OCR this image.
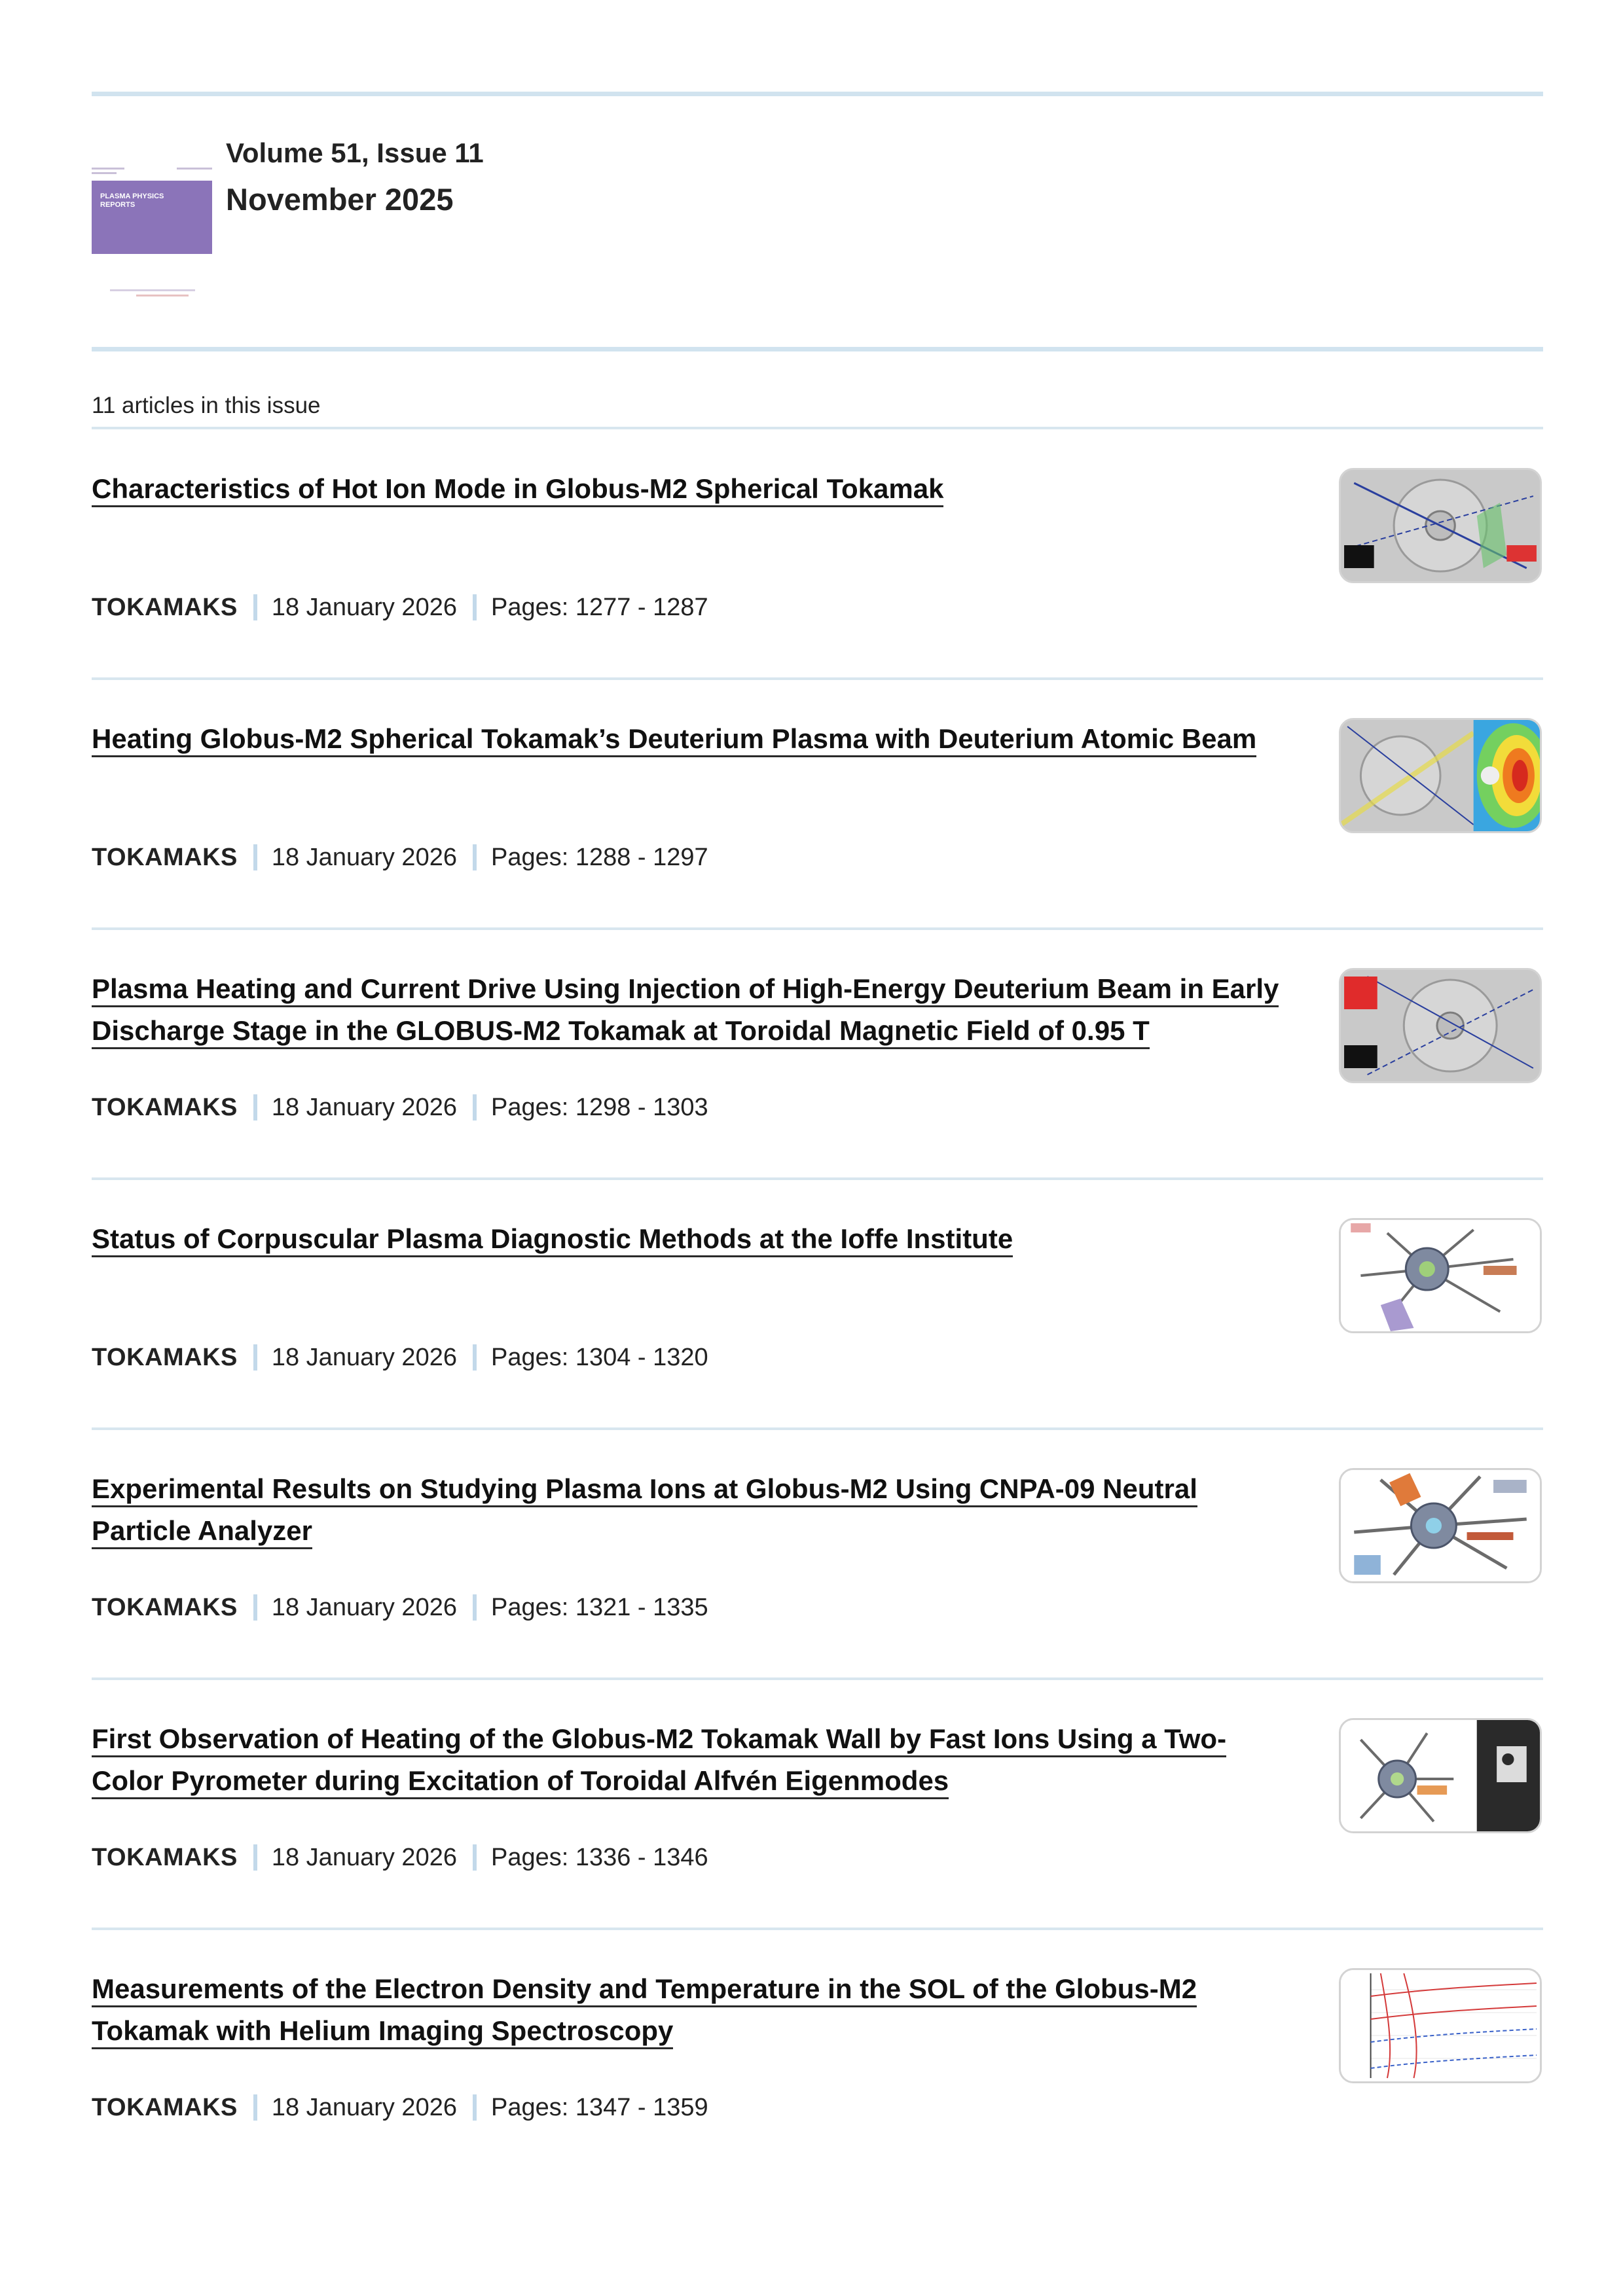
PLASMA PHYSICS
REPORTS
Volume 51, Issue 11
November 2025
11 articles in this issue
Characteristics of Hot Ion Mode in Globus-M2 Spherical Tokamak
TOKAMAKS 18 January 2026 Pages: 1277 - 1287
Heating Globus-M2 Spherical Tokamak’s Deuterium Plasma with Deuterium Atomic Beam
TOKAMAKS 18 January 2026 Pages: 1288 - 1297
Plasma Heating and Current Drive Using Injection of High-Energy Deuterium Beam in Early Discharge Stage in the GLOBUS-M2 Tokamak at Toroidal Magnetic Field of 0.95 T
TOKAMAKS 18 January 2026 Pages: 1298 - 1303
Status of Corpuscular Plasma Diagnostic Methods at the Ioffe Institute
TOKAMAKS 18 January 2026 Pages: 1304 - 1320
Experimental Results on Studying Plasma Ions at Globus-M2 Using CNPA-09 Neutral Particle Analyzer
TOKAMAKS 18 January 2026 Pages: 1321 - 1335
First Observation of Heating of the Globus-M2 Tokamak Wall by Fast Ions Using a Two-Color Pyrometer during Excitation of Toroidal Alfvén Eigenmodes
TOKAMAKS 18 January 2026 Pages: 1336 - 1346
Measurements of the Electron Density and Temperature in the SOL of the Globus-M2 Tokamak with Helium Imaging Spectroscopy
TOKAMAKS 18 January 2026 Pages: 1347 - 1359
